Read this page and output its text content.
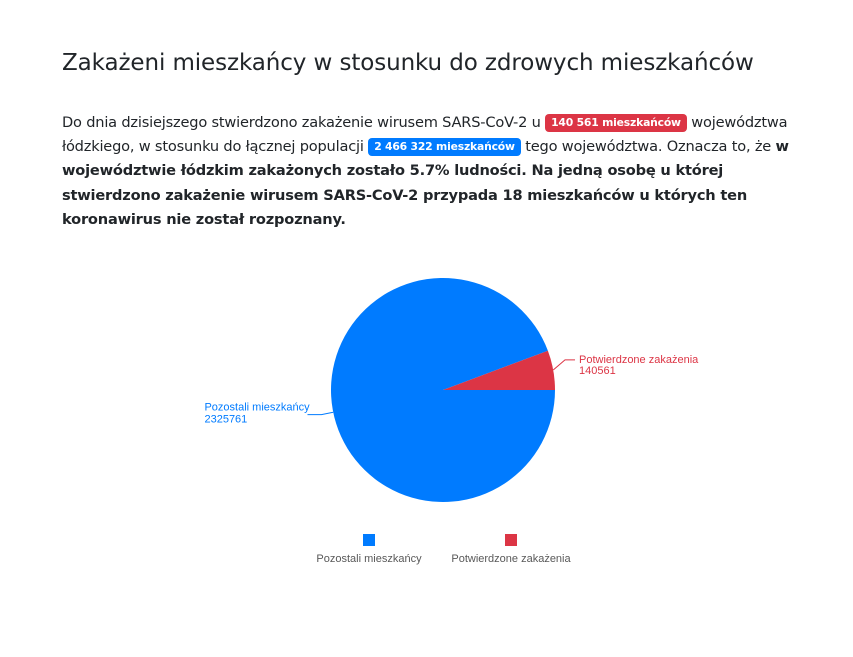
Zakażeni mieszkańcy w stosunku do zdrowych mieszkańców

Do dnia dzisiejszego stwierdzono zakażenie wirusem SARS-CoV-2 u 140 561 mieszkańców województwa łódzkiego, w stosunku do łącznej populacji 2 466 322 mieszkańców tego województwa. Oznacza to, że w województwie łódzkim zakażonych zostało 5.7% ludności. Na jedną osobę u której stwierdzono zakażenie wirusem SARS-CoV-2 przypada 18 mieszkańców u których ten koronawirus nie został rozpoznany.

Potwierdzone zakażenia
140561
Pozostali mieszkańcy
2325761
Pozostali mieszkańcy	Potwierdzone zakażenia
